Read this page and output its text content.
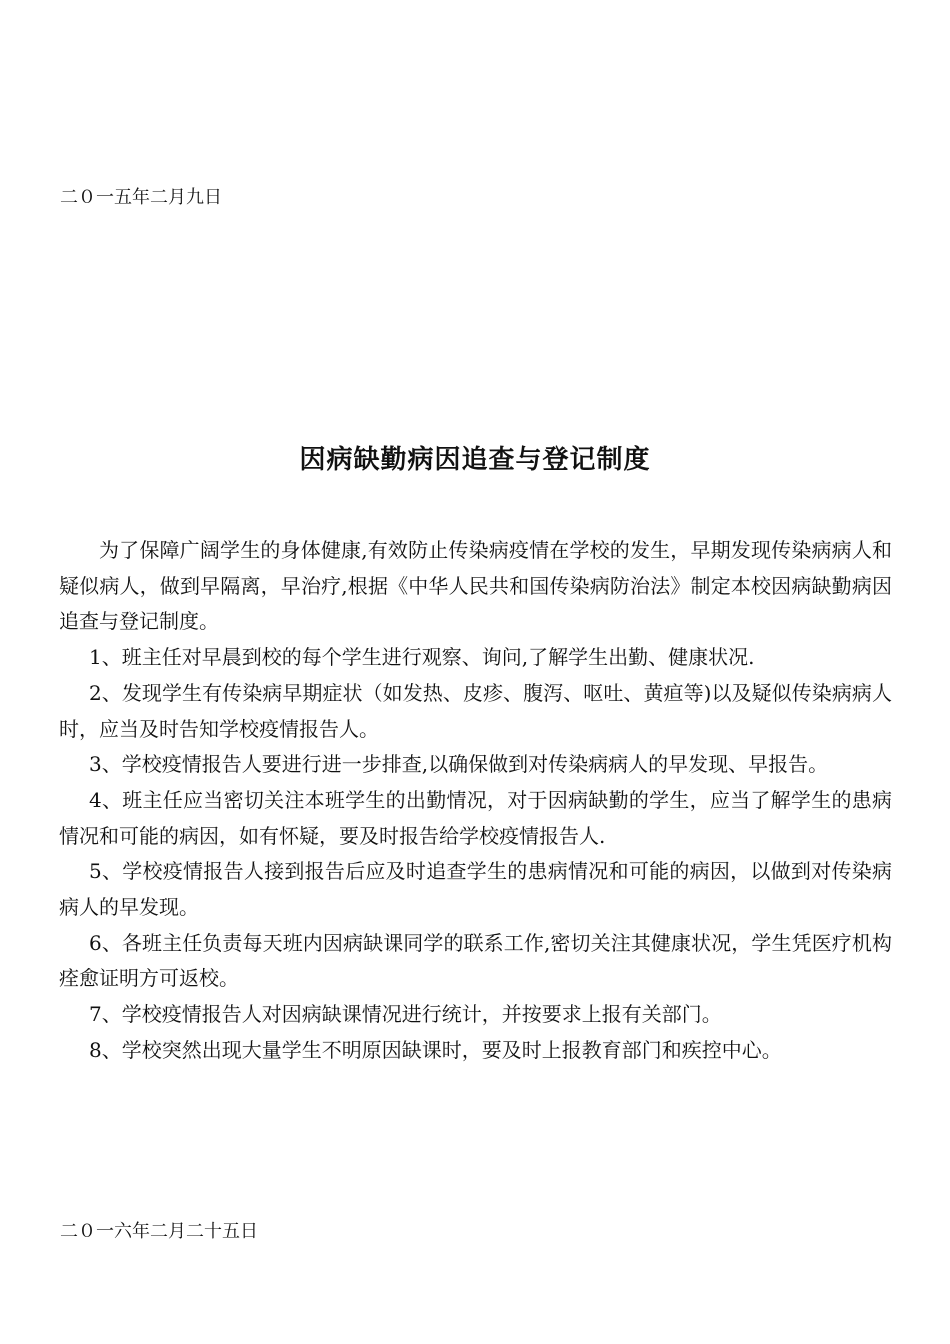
二０一五年二月九日
因病缺勤病因追查与登记制度

为了保障广阔学生的身体健康,有效防止传染病疫情在学校的发生，早期发现传染病病人和疑似病人，做到早隔离，早治疗,根据《中华人民共和国传染病防治法》制定本校因病缺勤病因追查与登记制度。

1、班主任对早晨到校的每个学生进行观察、询问,了解学生出勤、健康状况.

2、发现学生有传染病早期症状（如发热、皮疹、腹泻、呕吐、黄疸等)以及疑似传染病病人时，应当及时告知学校疫情报告人。

3、学校疫情报告人要进行进一步排查,以确保做到对传染病病人的早发现、早报告。

4、班主任应当密切关注本班学生的出勤情况，对于因病缺勤的学生，应当了解学生的患病情况和可能的病因，如有怀疑，要及时报告给学校疫情报告人.

5、学校疫情报告人接到报告后应及时追查学生的患病情况和可能的病因，以做到对传染病病人的早发现。

6、各班主任负责每天班内因病缺课同学的联系工作,密切关注其健康状况，学生凭医疗机构痊愈证明方可返校。

7、学校疫情报告人对因病缺课情况进行统计，并按要求上报有关部门。

8、学校突然出现大量学生不明原因缺课时，要及时上报教育部门和疾控中心。

二０一六年二月二十五日
